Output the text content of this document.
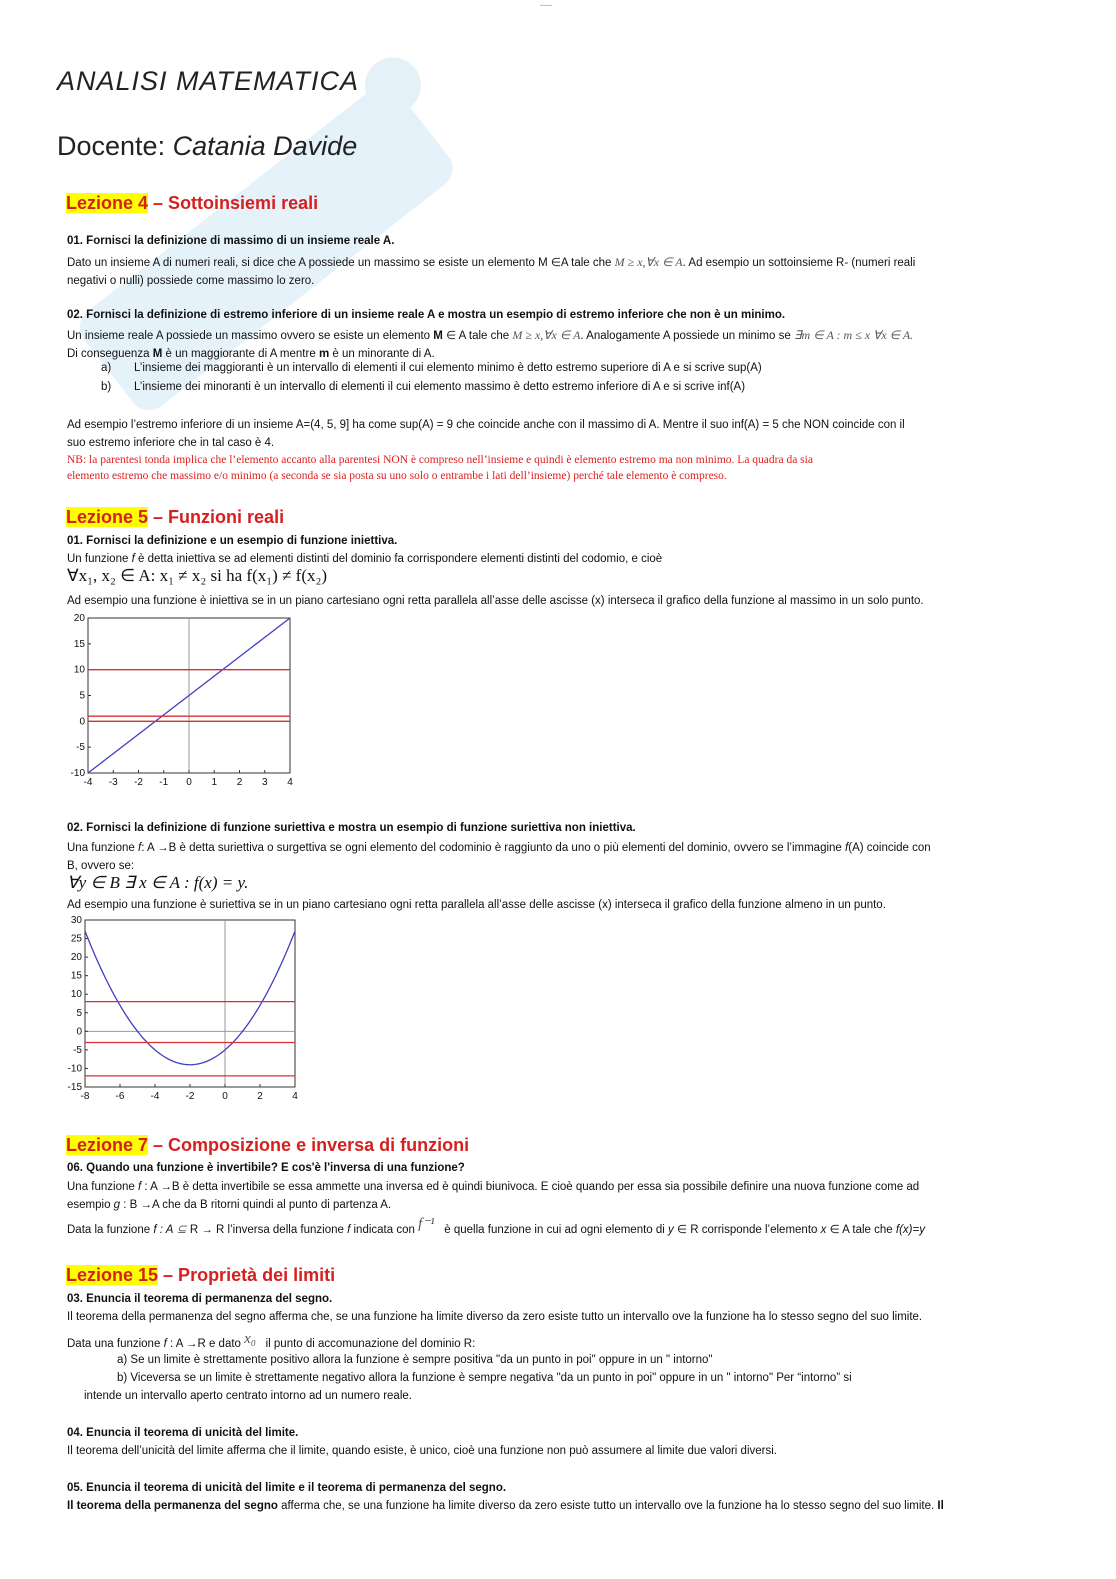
----
ANALISI MATEMATICA
Docente: Catania Davide
Lezione 4 – Sottoinsiemi reali
01. Fornisci la definizione di massimo di un insieme reale A.
Dato un insieme A di numeri reali, si dice che A possiede un massimo se esiste un elemento M ∈A tale che M ≥ x,∀x ∈ A. Ad esempio un sottoinsieme R- (numeri reali
negativi o nulli) possiede come massimo lo zero.
02. Fornisci la definizione di estremo inferiore di un insieme reale A e mostra un esempio di estremo inferiore che non è un minimo.
Un insieme reale A possiede un massimo ovvero se esiste un elemento M ∈ A tale che M ≥ x,∀x ∈ A. Analogamente A possiede un minimo se ∃m ∈ A : m ≤ x ∀x ∈ A.
Di conseguenza M è un maggiorante di A mentre m è un minorante di A.
a) L’insieme dei maggioranti è un intervallo di elementi il cui elemento minimo è detto estremo superiore di A e si scrive sup(A)
b) L’insieme dei minoranti è un intervallo di elementi il cui elemento massimo è detto estremo inferiore di A e si scrive inf(A)
Ad esempio l’estremo inferiore di un insieme A=(4, 5, 9] ha come sup(A) = 9 che coincide anche con il massimo di A. Mentre il suo inf(A) = 5 che NON coincide con il
suo estremo inferiore che in tal caso è 4.
NB: la parentesi tonda implica che l’elemento accanto alla parentesi NON è compreso nell’insieme e quindi è elemento estremo ma non minimo. La quadra da sia
elemento estremo che massimo e/o minimo (a seconda se sia posta su uno solo o entrambe i lati dell’insieme) perché tale elemento è compreso.
Lezione 5 – Funzioni reali
01. Fornisci la definizione e un esempio di funzione iniettiva.
Un funzione f è detta iniettiva se ad elementi distinti del dominio fa corrispondere elementi distinti del codomio, e cioè
∀x₁, x₂ ∈ A: x₁ ≠ x₂ si ha f(x₁) ≠ f(x₂)
Ad esempio una funzione è iniettiva se in un piano cartesiano ogni retta parallela all’asse delle ascisse (x) interseca il grafico della funzione al massimo in un solo punto.
-4 -3 -2 -1 0 1 2 3 4
20
15
10
5
0
-5
-10
02. Fornisci la definizione di funzione suriettiva e mostra un esempio di funzione suriettiva non iniettiva.
Una funzione f: A →B è detta suriettiva o surgettiva se ogni elemento del codominio è raggiunto da uno o più elementi del dominio, ovvero se l’immagine f(A) coincide con
B, ovvero se:
∀y ∈ B ∃ x ∈ A : f(x) = y.
Ad esempio una funzione è suriettiva se in un piano cartesiano ogni retta parallela all’asse delle ascisse (x) interseca il grafico della funzione almeno in un punto.
-8	-6	-4	-2	0	2	4
30
25
20
15
10
5
0
-5
-10
-15
Lezione 7 – Composizione e inversa di funzioni
06. Quando una funzione è invertibile? E cos'è l'inversa di una funzione?
Una funzione f : A →B è detta invertibile se essa ammette una inversa ed è quindi biunivoca. E cioè quando per essa sia possibile definire una nuova funzione come ad
esempio g : B →A che da B ritorni quindi al punto di partenza A.
Data la funzione f : A ⊆ R → R l’inversa della funzione f indicata con f⁻¹ è quella funzione in cui ad ogni elemento di y ∈ R corrisponde l’elemento x ∈ A tale che f(x)=y
Lezione 15 – Proprietà dei limiti
03. Enuncia il teorema di permanenza del segno.
Il teorema della permanenza del segno afferma che, se una funzione ha limite diverso da zero esiste tutto un intervallo ove la funzione ha lo stesso segno del suo limite.
Data una funzione f : A →R e dato x₀ il punto di accomunazione del dominio R:
a) Se un limite è strettamente positivo allora la funzione è sempre positiva "da un punto in poi" oppure in un " intorno"
b) Viceversa se un limite è strettamente negativo allora la funzione è sempre negativa "da un punto in poi" oppure in un " intorno" Per “intorno” si
intende un intervallo aperto centrato intorno ad un numero reale.
04. Enuncia il teorema di unicità del limite.
Il teorema dell’unicità del limite afferma che il limite, quando esiste, è unico, cioè una funzione non può assumere al limite due valori diversi.
05. Enuncia il teorema di unicità del limite e il teorema di permanenza del segno.
Il teorema della permanenza del segno afferma che, se una funzione ha limite diverso da zero esiste tutto un intervallo ove la funzione ha lo stesso segno del suo limite. Il
